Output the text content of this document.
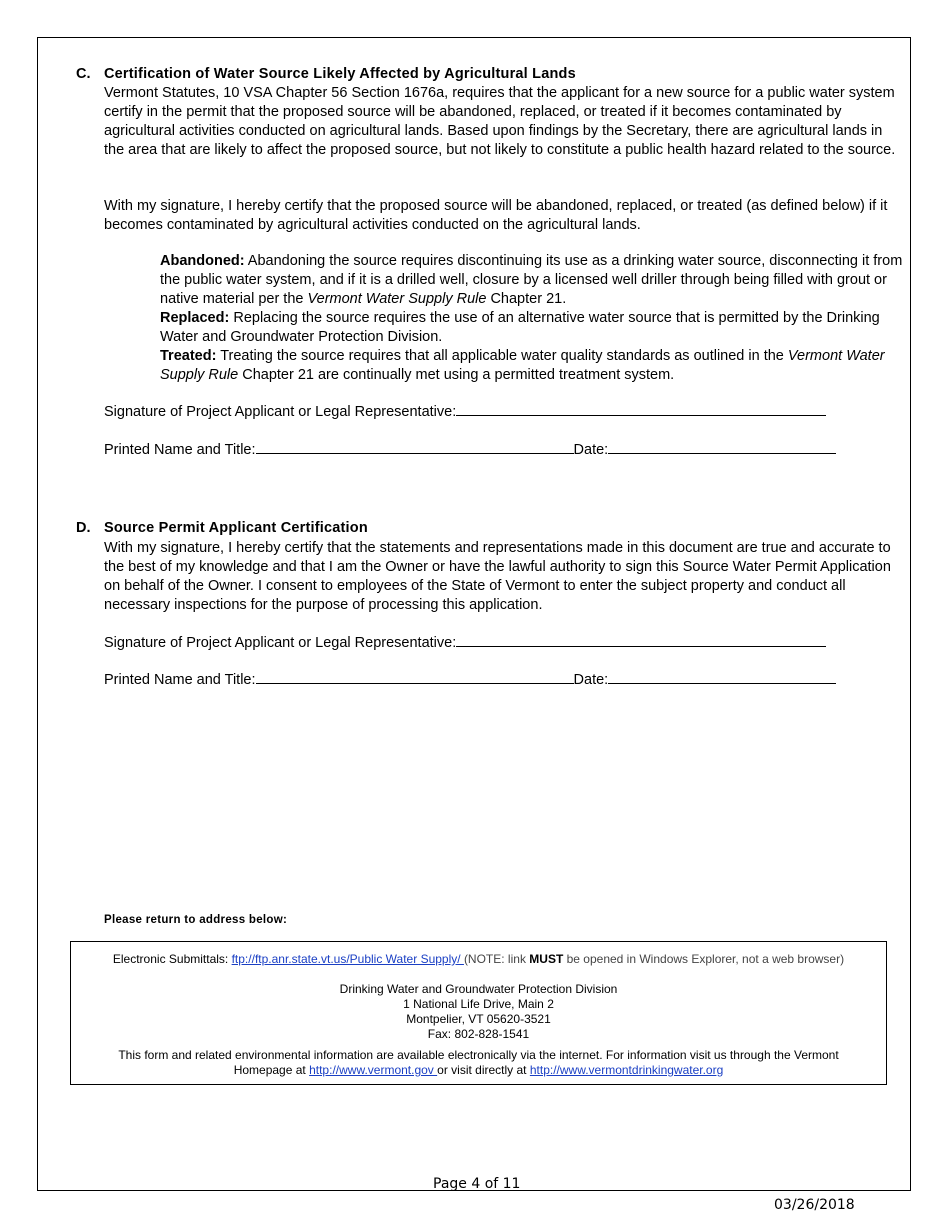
C. Certification of Water Source Likely Affected by Agricultural Lands
Vermont Statutes, 10 VSA Chapter 56 Section 1676a, requires that the applicant for a new source for a public water system certify in the permit that the proposed source will be abandoned, replaced, or treated if it becomes contaminated by agricultural activities conducted on agricultural lands. Based upon findings by the Secretary, there are agricultural lands in the area that are likely to affect the proposed source, but not likely to constitute a public health hazard related to the source.
With my signature, I hereby certify that the proposed source will be abandoned, replaced, or treated (as defined below) if it becomes contaminated by agricultural activities conducted on the agricultural lands.
Abandoned: Abandoning the source requires discontinuing its use as a drinking water source, disconnecting it from the public water system, and if it is a drilled well, closure by a licensed well driller through being filled with grout or native material per the Vermont Water Supply Rule Chapter 21.
Replaced: Replacing the source requires the use of an alternative water source that is permitted by the Drinking Water and Groundwater Protection Division.
Treated: Treating the source requires that all applicable water quality standards as outlined in the Vermont Water Supply Rule Chapter 21 are continually met using a permitted treatment system.
Signature of Project Applicant or Legal Representative:
Printed Name and Title:	Date:
D. Source Permit Applicant Certification
With my signature, I hereby certify that the statements and representations made in this document are true and accurate to the best of my knowledge and that I am the Owner or have the lawful authority to sign this Source Water Permit Application on behalf of the Owner. I consent to employees of the State of Vermont to enter the subject property and conduct all necessary inspections for the purpose of processing this application.
Signature of Project Applicant or Legal Representative:
Printed Name and Title:	Date:
Please return to address below:
Electronic Submittals: ftp://ftp.anr.state.vt.us/Public Water Supply/ (NOTE: link MUST be opened in Windows Explorer, not a web browser)
Drinking Water and Groundwater Protection Division
1 National Life Drive, Main 2
Montpelier, VT 05620-3521
Fax: 802-828-1541
This form and related environmental information are available electronically via the internet. For information visit us through the Vermont
Homepage at http://www.vermont.gov or visit directly at http://www.vermontdrinkingwater.org
Page 4 of 11
03/26/2018
